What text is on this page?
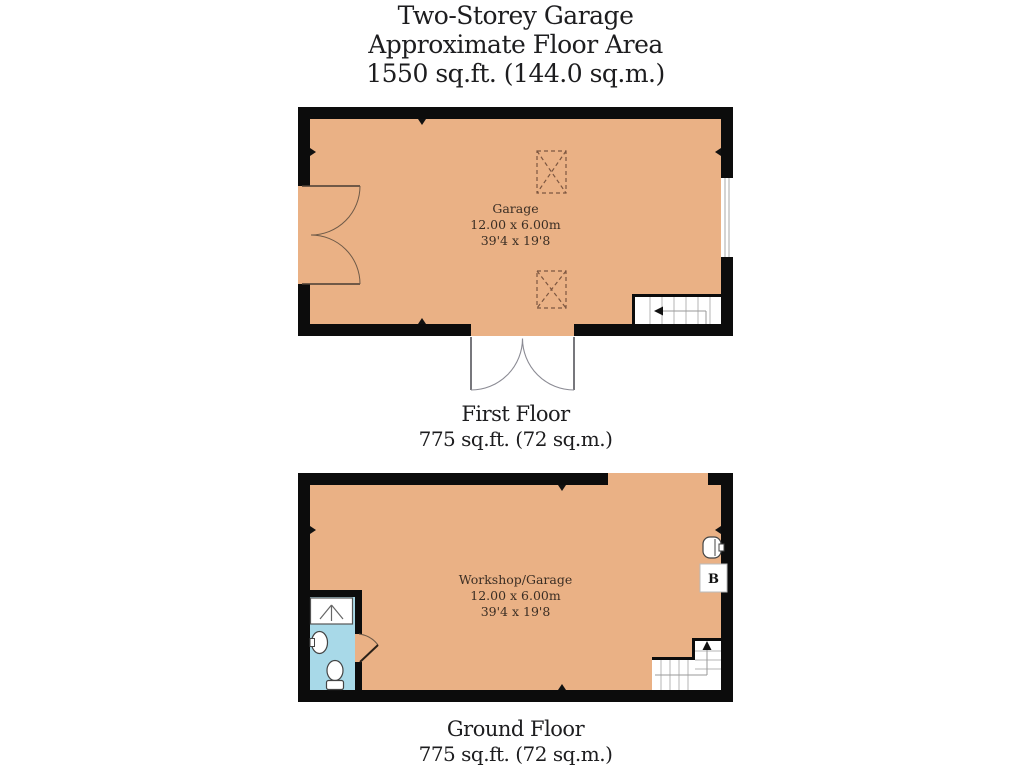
Two-Storey Garage
Approximate Floor Area
1550 sq.ft. (144.0 sq.m.)
Garage
12.00 x 6.00m
39'4 x 19'8
First Floor
775 sq.ft. (72 sq.m.)
B
Workshop/Garage
12.00 x 6.00m
39'4 x 19'8
Ground Floor
775 sq.ft. (72 sq.m.)
